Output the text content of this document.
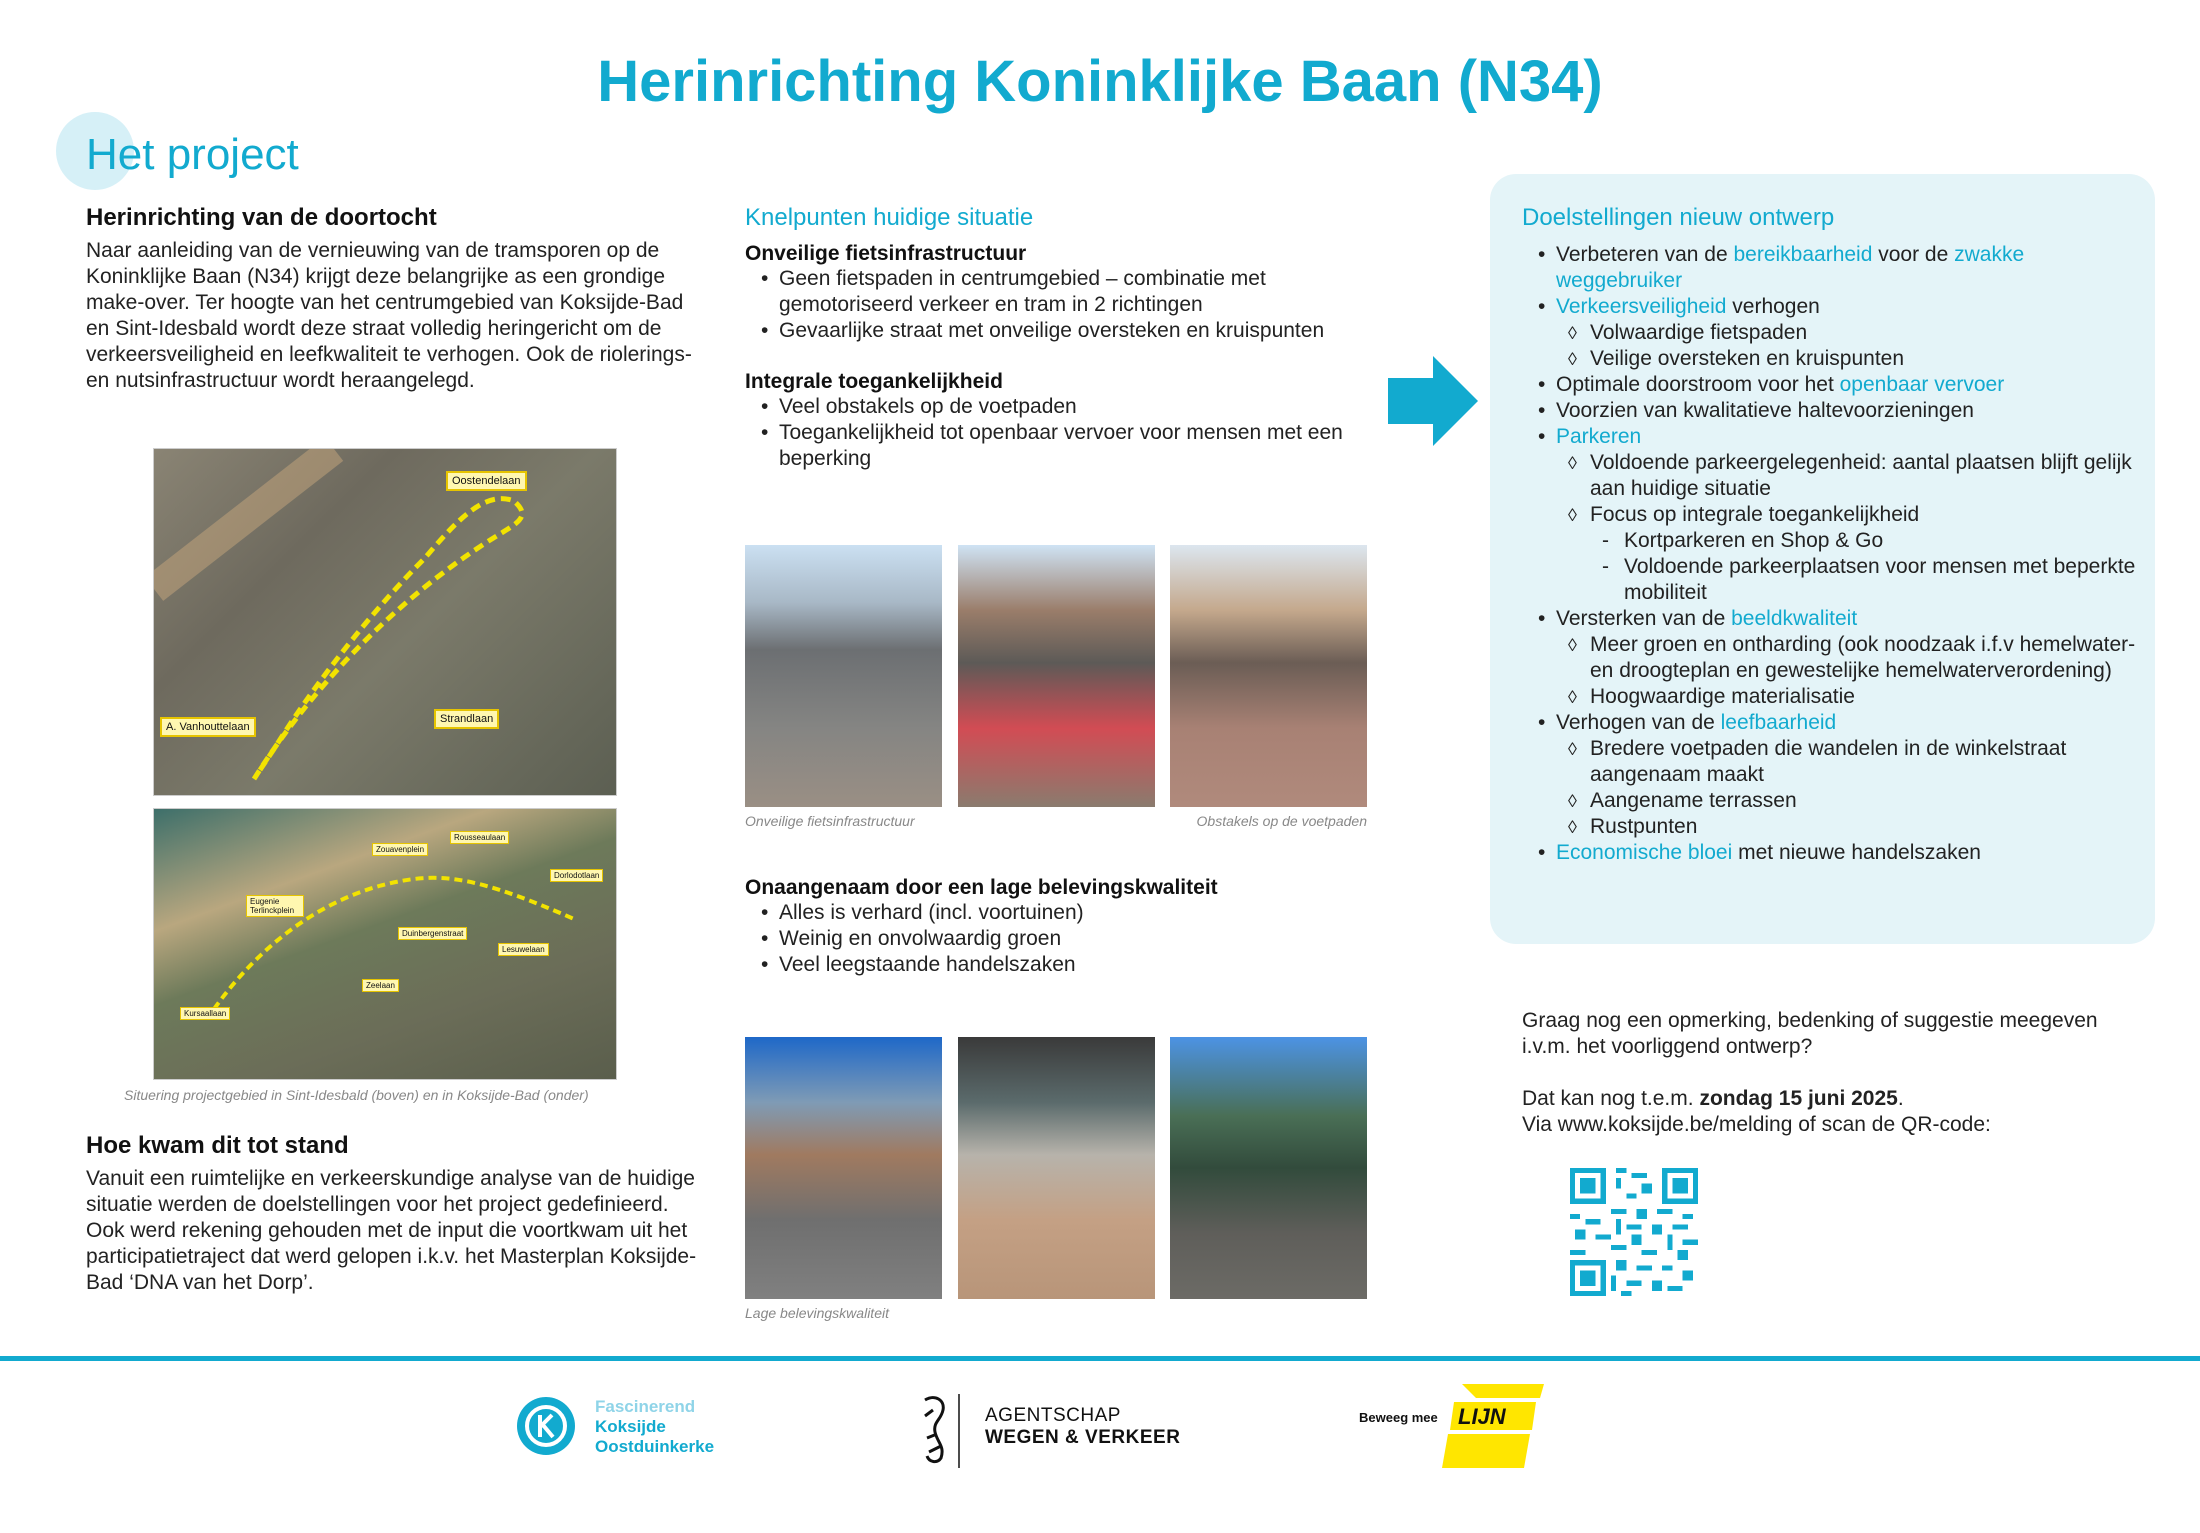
Herinrichting Koninklijke Baan (N34)
Het project
Herinrichting van de doortocht

Naar aanleiding van de vernieuwing van de tramsporen op de Koninklijke Baan (N34) krijgt deze belangrijke as een grondige make-over. Ter hoogte van het centrumgebied van Koksijde-Bad en Sint-Idesbald wordt deze straat volledig heringericht om de verkeersveiligheid en leefkwaliteit te verhogen. Ook de riolerings- en nutsinfrastructuur wordt heraangelegd.

Oostendelaan
A. Vanhouttelaan
Strandlaan
Zouavenplein
Rousseaulaan
Dorlodotlaan
Eugenie Terlinckplein
Duinbergenstraat
Lesuwelaan
Zeelaan
Kursaallaan
Situering projectgebied in Sint-Idesbald (boven) en in Koksijde-Bad (onder)
Hoe kwam dit tot stand

Vanuit een ruimtelijke en verkeerskundige analyse van de huidige situatie werden de doelstellingen voor het project gedefinieerd. Ook werd rekening gehouden met de input die voortkwam uit het participatietraject dat werd gelopen i.k.v. het Masterplan Koksijde-Bad ‘DNA van het Dorp’.

Knelpunten huidige situatie
Onveilige fietsinfrastructuur
• Geen fietspaden in centrumgebied – combinatie met gemotoriseerd verkeer en tram in 2 richtingen
• Gevaarlijke straat met onveilige oversteken en kruispunten
Integrale toegankelijkheid
• Veel obstakels op de voetpaden
• Toegankelijkheid tot openbaar vervoer voor mensen met een beperking
Onveilige fietsinfrastructuur	Obstakels op de voetpaden
Onaangenaam door een lage belevingskwaliteit
• Alles is verhard (incl. voortuinen)
• Weinig en onvolwaardig groen
• Veel leegstaande handelszaken
Lage belevingskwaliteit
Doelstellingen nieuw ontwerp
• Verbeteren van de bereikbaarheid voor de zwakke weggebruiker
• Verkeersveiligheid verhogen
◊ Volwaardige fietspaden
◊ Veilige oversteken en kruispunten
• Optimale doorstroom voor het openbaar vervoer
• Voorzien van kwalitatieve haltevoorzieningen
• Parkeren
◊ Voldoende parkeergelegenheid: aantal plaatsen blijft gelijk aan huidige situatie
◊ Focus op integrale toegankelijkheid
- Kortparkeren en Shop & Go
- Voldoende parkeerplaatsen voor mensen met beperkte mobiliteit
• Versterken van de beeldkwaliteit
◊ Meer groen en ontharding (ook noodzaak i.f.v hemelwater- en droogteplan en gewestelijke hemelwaterverordening)
◊ Hoogwaardige materialisatie
• Verhogen van de leefbaarheid
◊ Bredere voetpaden die wandelen in de winkelstraat aangenaam maakt
◊ Aangename terrassen
◊ Rustpunten
• Economische bloei met nieuwe handelszaken

Graag nog een opmerking, bedenking of suggestie meegeven i.v.m. het voorliggend ontwerp?

Dat kan nog t.e.m. zondag 15 juni 2025.

Via www.koksijde.be/melding of scan de QR-code:

Fascinerend
Koksijde
Oostduinkerke
AGENTSCHAP
WEGEN & VERKEER
Beweeg mee LIJN
